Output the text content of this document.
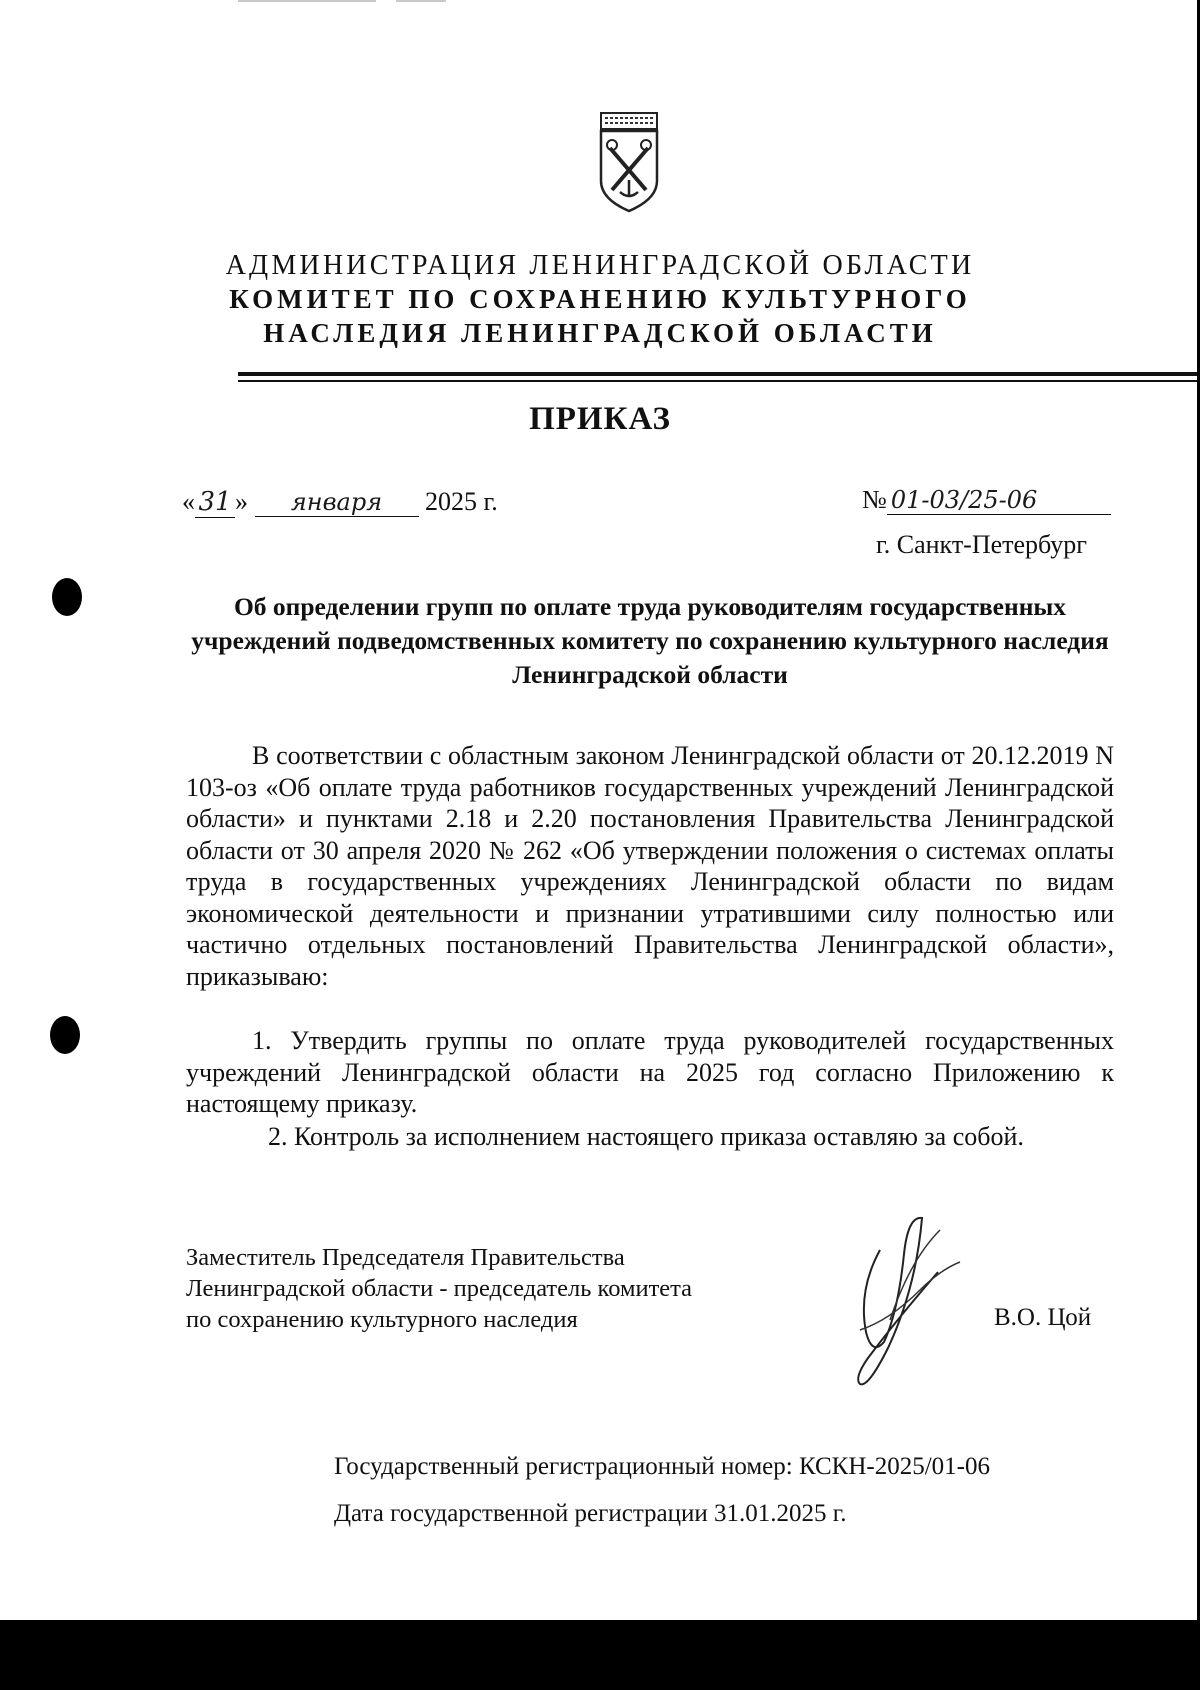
АДМИНИСТРАЦИЯ ЛЕНИНГРАДСКОЙ ОБЛАСТИ
КОМИТЕТ ПО СОХРАНЕНИЮ КУЛЬТУРНОГО
НАСЛЕДИЯ ЛЕНИНГРАДСКОЙ ОБЛАСТИ
ПРИКАЗ
« 31 » января 2025 г.	№ 01-03/25-06
г. Санкт-Петербург
Об определении групп по оплате труда руководителям государственных учреждений подведомственных комитету по сохранению культурного наследия Ленинградской области
В соответствии с областным законом Ленинградской области от 20.12.2019 N 103-оз «Об оплате труда работников государственных учреждений Ленинградской области» и пунктами 2.18 и 2.20 постановления Правительства Ленинградской области от 30 апреля 2020 № 262 «Об утверждении положения о системах оплаты труда в государственных учреждениях Ленинградской области по видам экономической деятельности и признании утратившими силу полностью или частично отдельных постановлений Правительства Ленинградской области», приказываю:
1. Утвердить группы по оплате труда руководителей государственных учреждений Ленинградской области на 2025 год согласно Приложению к настоящему приказу.
2. Контроль за исполнением настоящего приказа оставляю за собой.
Заместитель Председателя Правительства
Ленинградской области - председатель комитета
по сохранению культурного наследия	В.О. Цой
Государственный регистрационный номер: КСКН-2025/01-06
Дата государственной регистрации 31.01.2025 г.
